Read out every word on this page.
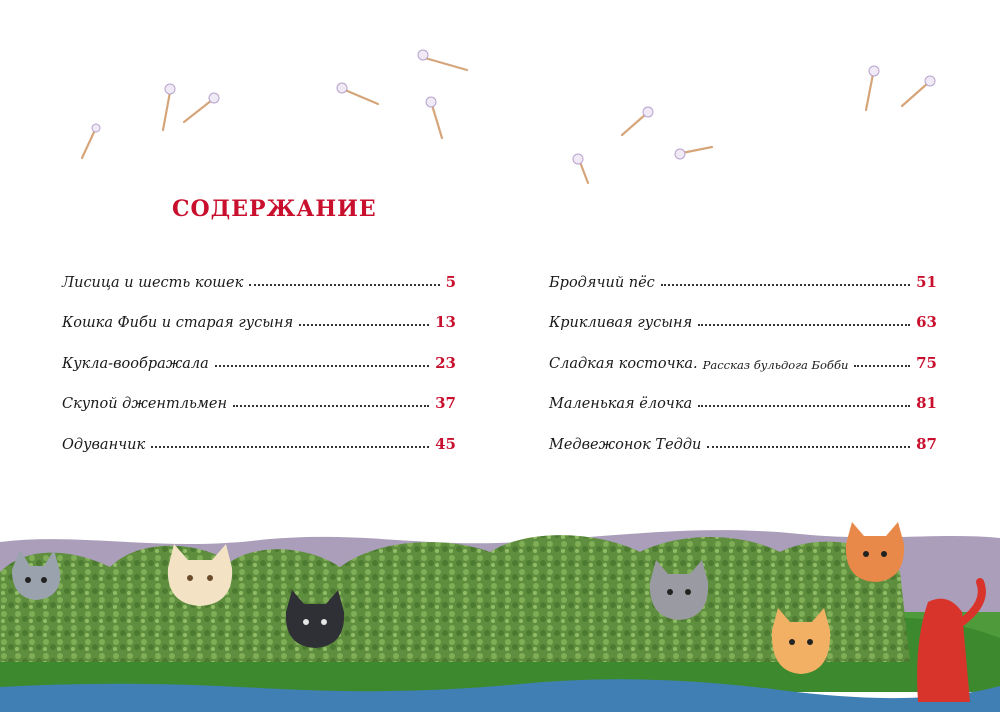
СОДЕРЖАНИЕ
Лисица и шесть кошек	5
Кошка Фиби и старая гусыня	13
Кукла-воображала	23
Скупой джентльмен	37
Одуванчик	45
Бродячий пёс	51
Крикливая гусыня	63
Сладкая косточка. Рассказ бульдога Бобби	75
Маленькая ёлочка	81
Медвежонок Тедди	87
